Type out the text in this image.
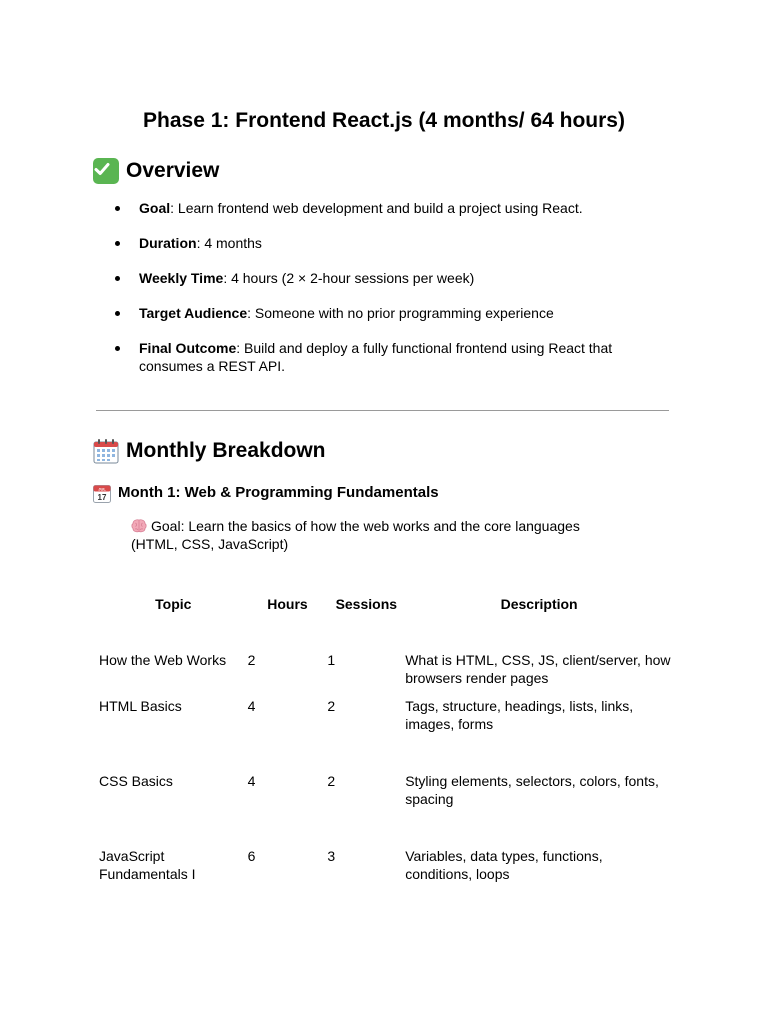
Phase 1: Frontend React.js (4 months/ 64 hours)
Overview
Goal: Learn frontend web development and build a project using React.
Duration: 4 months
Weekly Time: 4 hours (2 × 2-hour sessions per week)
Target Audience: Someone with no prior programming experience
Final Outcome: Build and deploy a fully functional frontend using React that consumes a REST API.
Monthly Breakdown
JUL
17 Month 1: Web & Programming Fundamentals
Goal: Learn the basics of how the web works and the core languages (HTML, CSS, JavaScript)
Topic	Hours	Sessions	Description
How the Web Works	2	1	What is HTML, CSS, JS, client/server, how browsers render pages
HTML Basics	4	2	Tags, structure, headings, lists, links, images, forms
CSS Basics	4	2	Styling elements, selectors, colors, fonts, spacing
JavaScript Fundamentals I	6	3	Variables, data types, functions, conditions, loops
